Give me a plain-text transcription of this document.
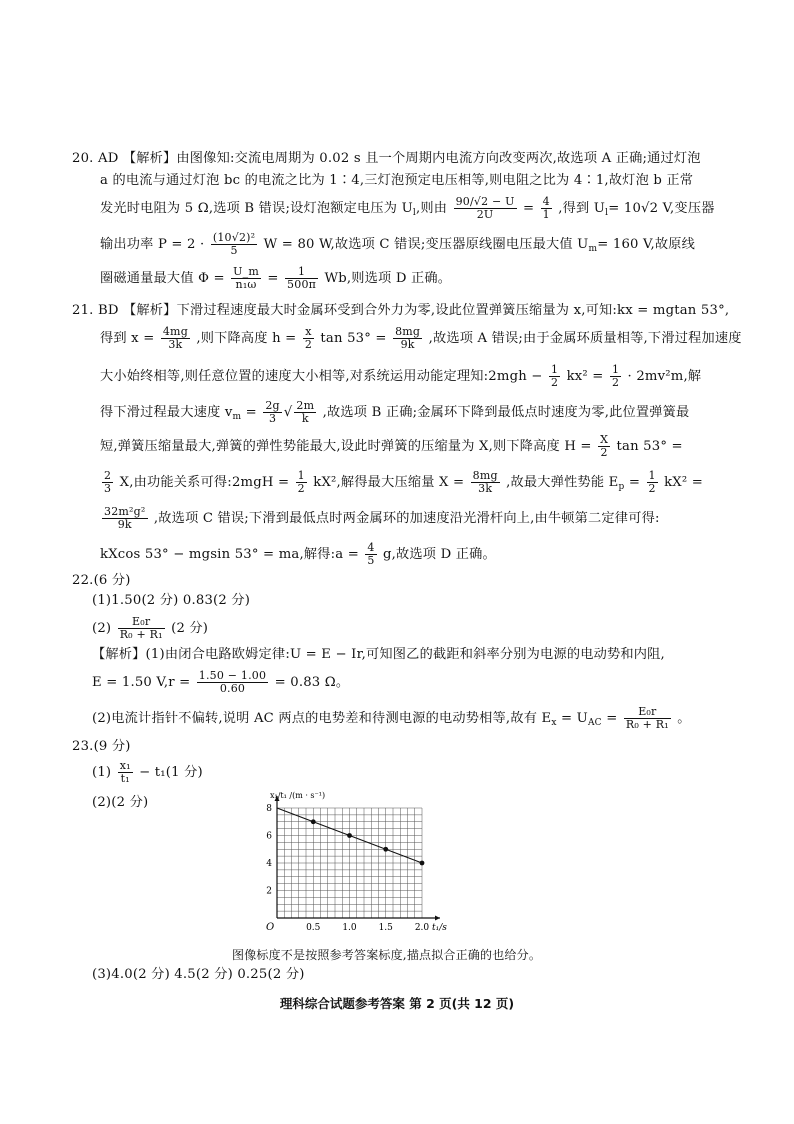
20. AD 【解析】由图像知:交流电周期为 0.02 s 且一个周期内电流方向改变两次,故选项 A 正确;通过灯泡
a 的电流与通过灯泡 bc 的电流之比为 1∶4,三灯泡预定电压相等,则电阻之比为 4∶1,故灯泡 b 正常
发光时电阻为 5 Ω,选项 B 错误;设灯泡额定电压为 $U_l$,则由 $\frac{90/√2 - U}{2U} = \frac{4}{1}$ ,得到 $U_l= 10√2$ V,变压器
输出功率 $P = 2 \cdot \frac{\text{(10√2)²}}{5}$ W = 80 W,故选项 C 错误;变压器原线圈电压最大值 $U_m= 160$ V,故原线
圈磁通量最大值 $\Phi = \frac{U\_m}{\text{n₁ω}} = \frac{1}{500\pi} Wb$,则选项 D 正确。
21. BD 【解析】下滑过程速度最大时金属环受到合外力为零,设此位置弹簧压缩量为 x,可知:kx = mgtan 53°,
得到 $x = \frac{4mg}{3k}$ ,则下降高度 $h = \frac{x}{2}$ $\tan 53^\circ = \frac{8mg}{9k}$ ,故选项 A 错误;由于金属环质量相等,下滑过程加速度
大小始终相等,则任意位置的速度大小相等,对系统运用动能定理知:2mgh − $\frac{1}{2} kx^2 = \frac{1}{2} \cdot 2mv^2m$,解
得下滑过程最大速度 $v_m = \frac{2g}{3}$ √ $\frac{2m}{k}$ ,故选项 B 正确;金属环下降到最低点时速度为零,此位置弹簧最
短,弹簧压缩量最大,弹簧的弹性势能最大,设此时弹簧的压缩量为 X,则下降高度 $H = \frac{X}{2}$ tan 53° =
$\frac{2}{3} X$,由功能关系可得:2mgH = $\frac{1}{2} kX^2$,解得最大压缩量 $X = \frac{8mg}{3k}$ ,故最大弹性势能 $E_p = \frac{1}{2} kX^2$ =
$\frac{\text{32m²g²}}{9k}$ ,故选项 C 错误;下滑到最低点时两金属环的加速度沿光滑杆向上,由牛顿第二定律可得:
kXcos 53° − mgsin 53° = ma,解得:a = $\frac{4}{5} g$,故选项 D 正确。
22.(6 分)
(1)1.50(2 分) 0.83(2 分)
$(2) \frac{\text{E₀r}}{\text{R₀ + R₁}} (2$ 分)
【解析】(1)由闭合电路欧姆定律:U = E − Ir,可知图乙的截距和斜率分别为电源的电动势和内阻,
E = 1.50 $V,r = \frac{1.50 - 1.00}{0.60} = 0.83$ Ω。
(2)电流计指针不偏转,说明 AC 两点的电势差和待测电源的电动势相等,故有 $E_x = U_{AC} = \frac{\text{E₀r}}{\text{R₀ + R₁}}$ 。
23.(9 分)
$(1) \frac{\text{x₁}}{\text{t₁}} - t_1(1$ 分)
(2)(2 分)
0.5 1.0 1.5 2.0
2
4
6
8
x₁/t₁ /(m · s⁻¹)
t₁/s
O
图像标度不是按照参考答案标度,描点拟合正确的也给分。
(3)4.0(2 分) 4.5(2 分) 0.25(2 分)
理科综合试题参考答案 第 2 页(共 12 页)
